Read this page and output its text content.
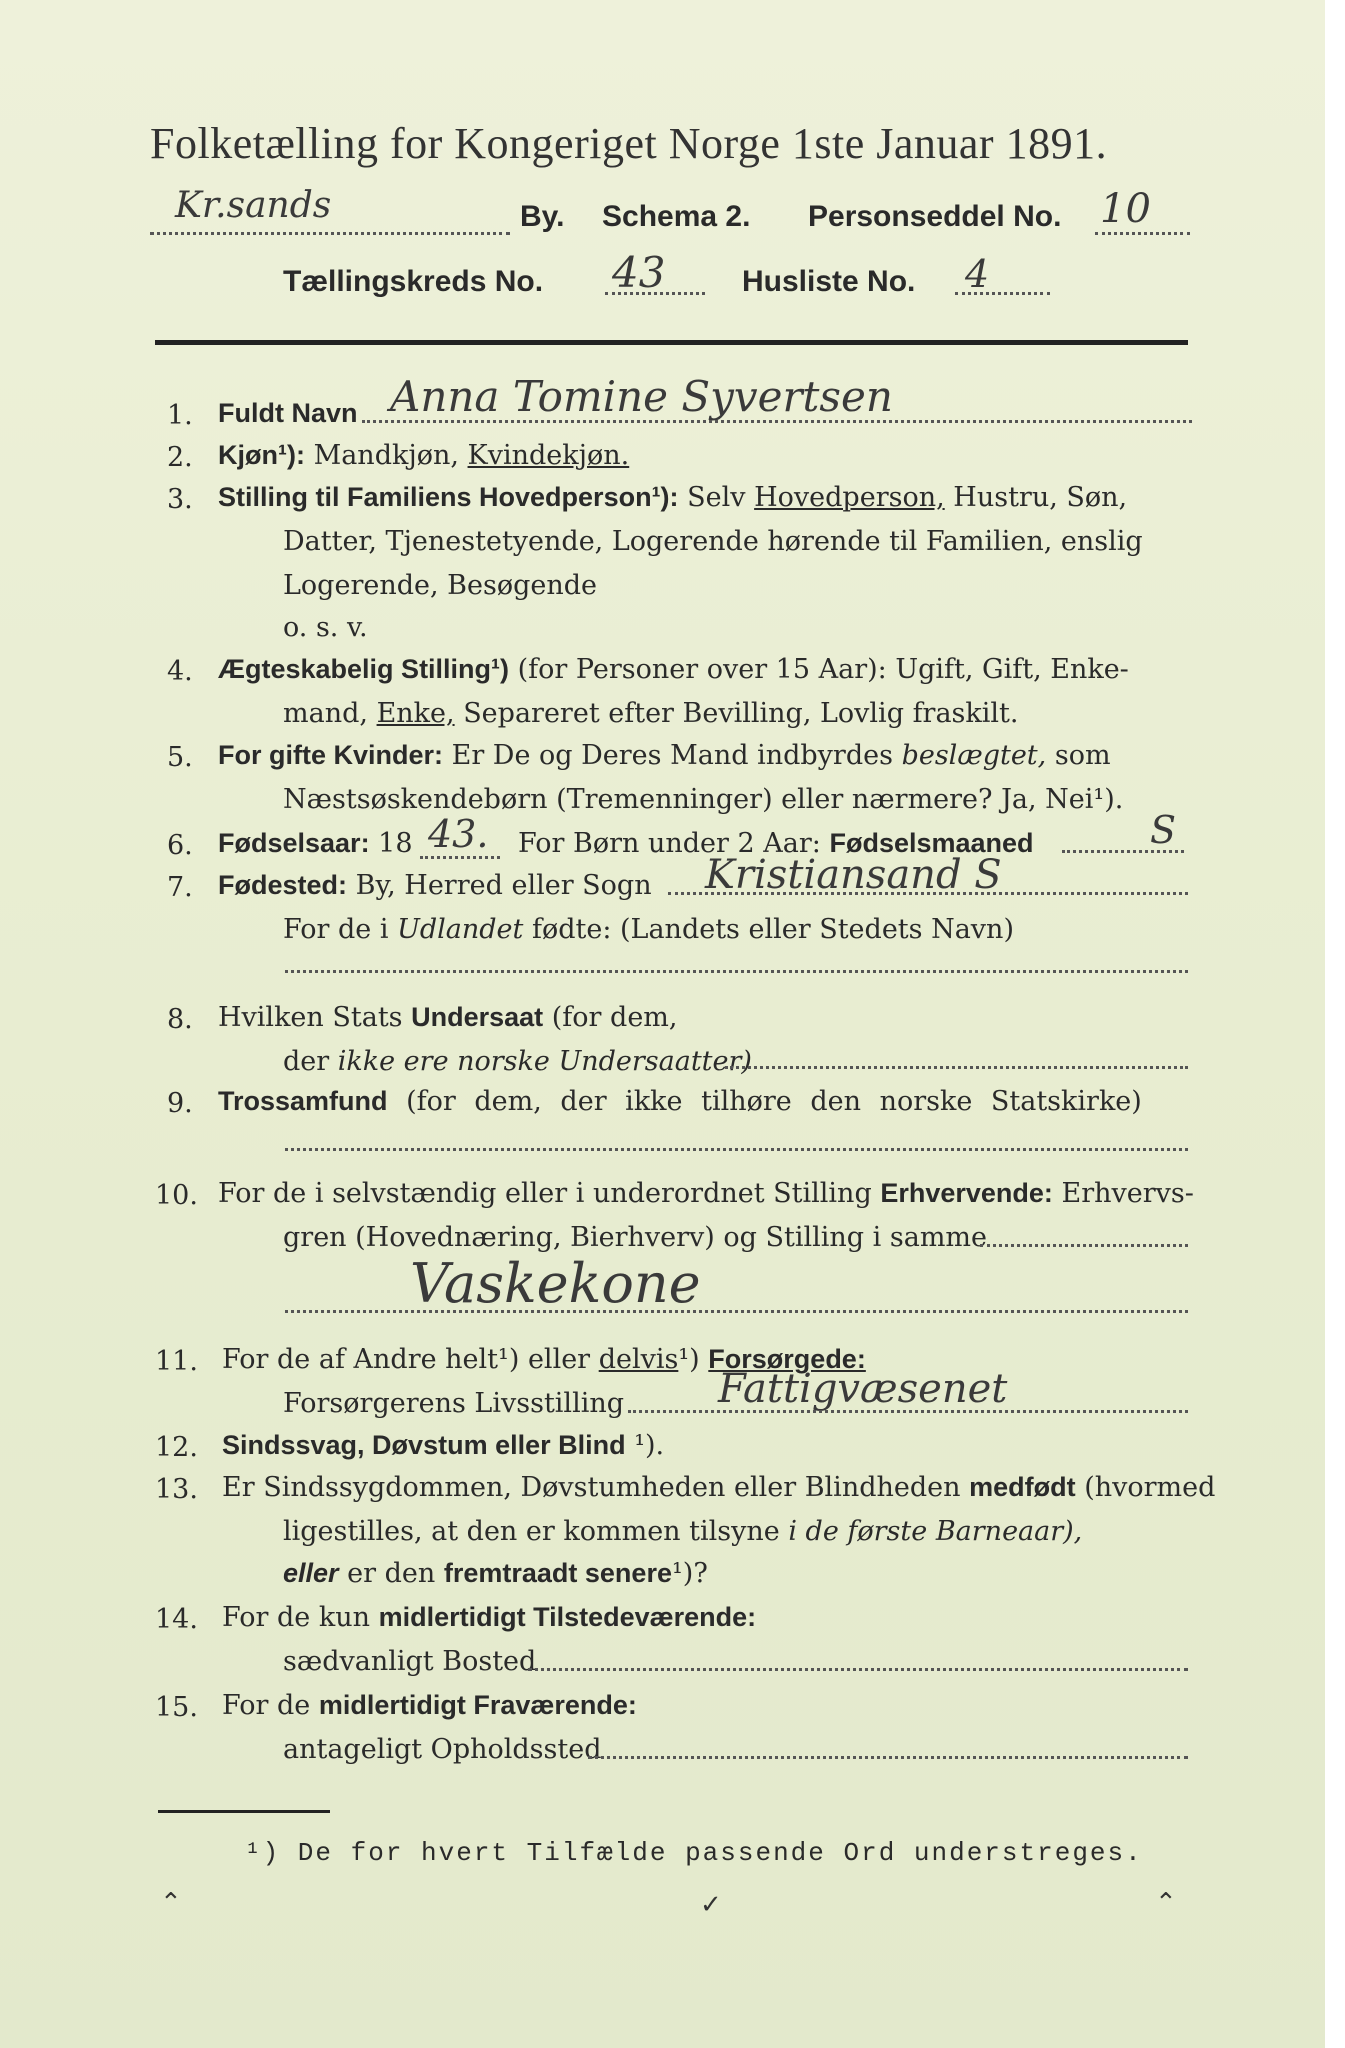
Folketælling for Kongeriget Norge 1ste Januar 1891.
Kr.sands	By. Schema 2. Personseddel No. 10
Tællingskreds No. 43	Husliste No. 4
1. Fuldt Navn Anna Tomine Syvertsen
2. Kjøn¹): Mandkjøn, Kvindekjøn.
3. Stilling til Familiens Hovedperson¹): Selv Hovedperson, Hustru, Søn,
Datter, Tjenestetyende, Logerende hørende til Familien, enslig
Logerende, Besøgende
o. s. v.
4. Ægteskabelig Stilling¹) (for Personer over 15 Aar): Ugift, Gift, Enke-
mand, Enke, Separeret efter Bevilling, Lovlig fraskilt.
5. For gifte Kvinder: Er De og Deres Mand indbyrdes beslægtet, som
Næstsøskendebørn (Tremenninger) eller nærmere? Ja, Nei¹).
6. Fødselsaar: 18 43. For Børn under 2 Aar: Fødselsmaaned	S
7. Fødested: By, Herred eller Sogn Kristiansand S
For de i Udlandet fødte: (Landets eller Stedets Navn)
8. Hvilken Stats Undersaat (for dem,
der ikke ere norske Undersaatter)
9. Trossamfund (for dem, der ikke tilhøre den norske Statskirke)
10. For de i selvstændig eller i underordnet Stilling Erhvervende: Erhvervs-
gren (Hovednæring, Bierhverv) og Stilling i samme
Vaskekone
11. For de af Andre helt¹) eller delvis¹) Forsørgede:
Forsørgerens Livsstilling Fattigvæsenet
12. Sindssvag, Døvstum eller Blind ¹).
13. Er Sindssygdommen, Døvstumheden eller Blindheden medfødt (hvormed
ligestilles, at den er kommen tilsyne i de første Barneaar),
eller er den fremtraadt senere¹)?
14. For de kun midlertidigt Tilstedeværende:
sædvanligt Bosted
15. For de midlertidigt Fraværende:
antageligt Opholdssted
¹) De for hvert Tilfælde passende Ord understreges.
⌃	✓	⌃
